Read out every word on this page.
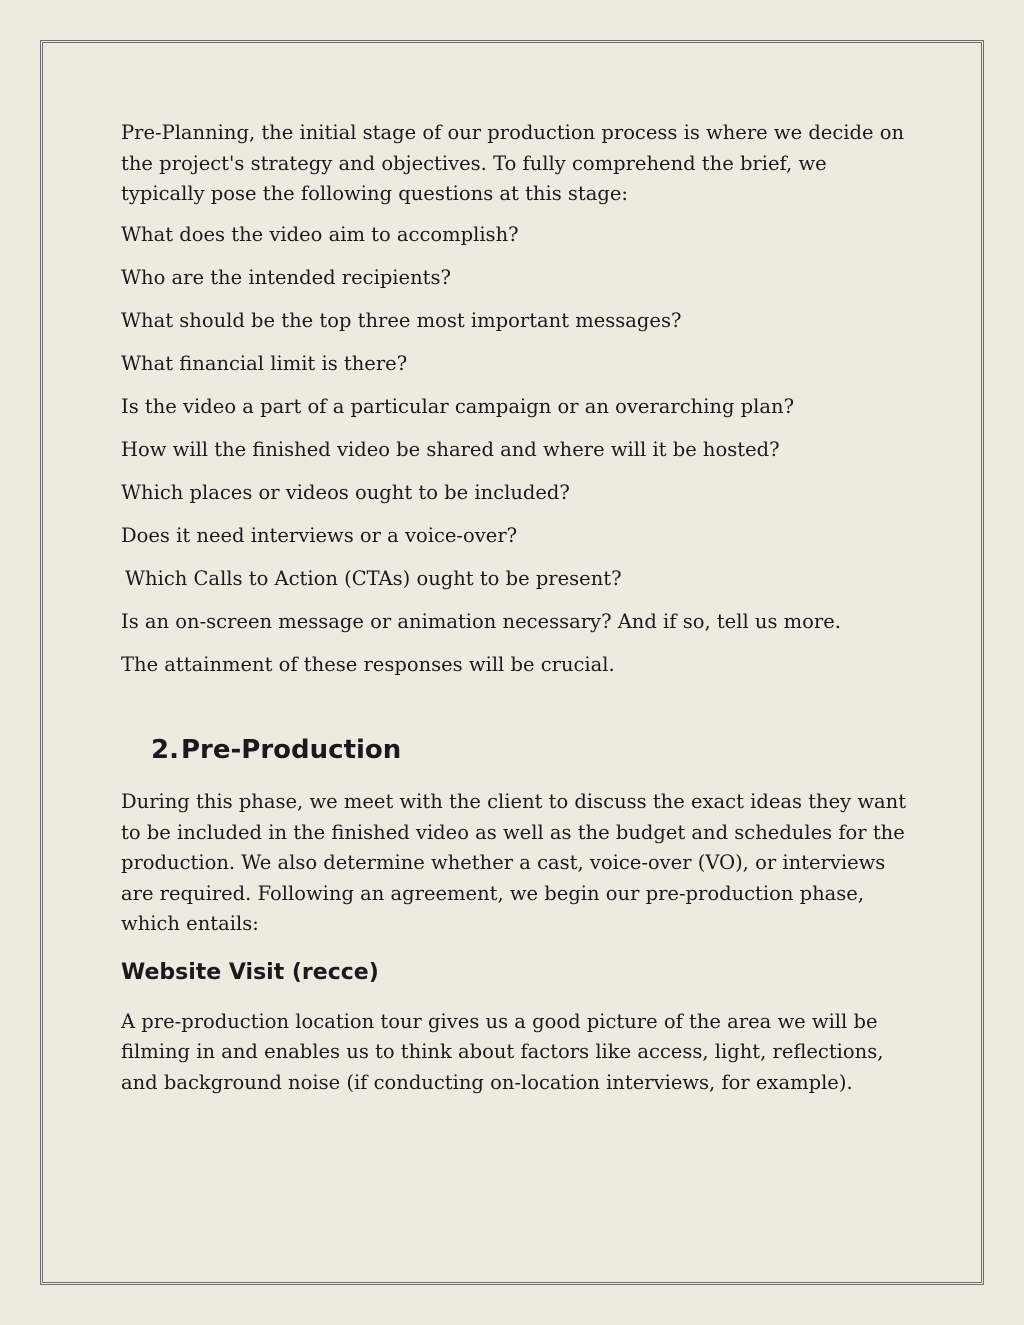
Pre-Planning, the initial stage of our production process is where we decide on the project's strategy and objectives. To fully comprehend the brief, we typically pose the following questions at this stage:

What does the video aim to accomplish?

Who are the intended recipients?

What should be the top three most important messages?

What financial limit is there?

Is the video a part of a particular campaign or an overarching plan?

How will the finished video be shared and where will it be hosted?

Which places or videos ought to be included?

Does it need interviews or a voice-over?

Which Calls to Action (CTAs) ought to be present?

Is an on-screen message or animation necessary? And if so, tell us more.

The attainment of these responses will be crucial.

2. Pre-Production

During this phase, we meet with the client to discuss the exact ideas they want to be included in the finished video as well as the budget and schedules for the production. We also determine whether a cast, voice-over (VO), or interviews are required. Following an agreement, we begin our pre-production phase, which entails:

Website Visit (recce)

A pre-production location tour gives us a good picture of the area we will be filming in and enables us to think about factors like access, light, reflections, and background noise (if conducting on-location interviews, for example).
